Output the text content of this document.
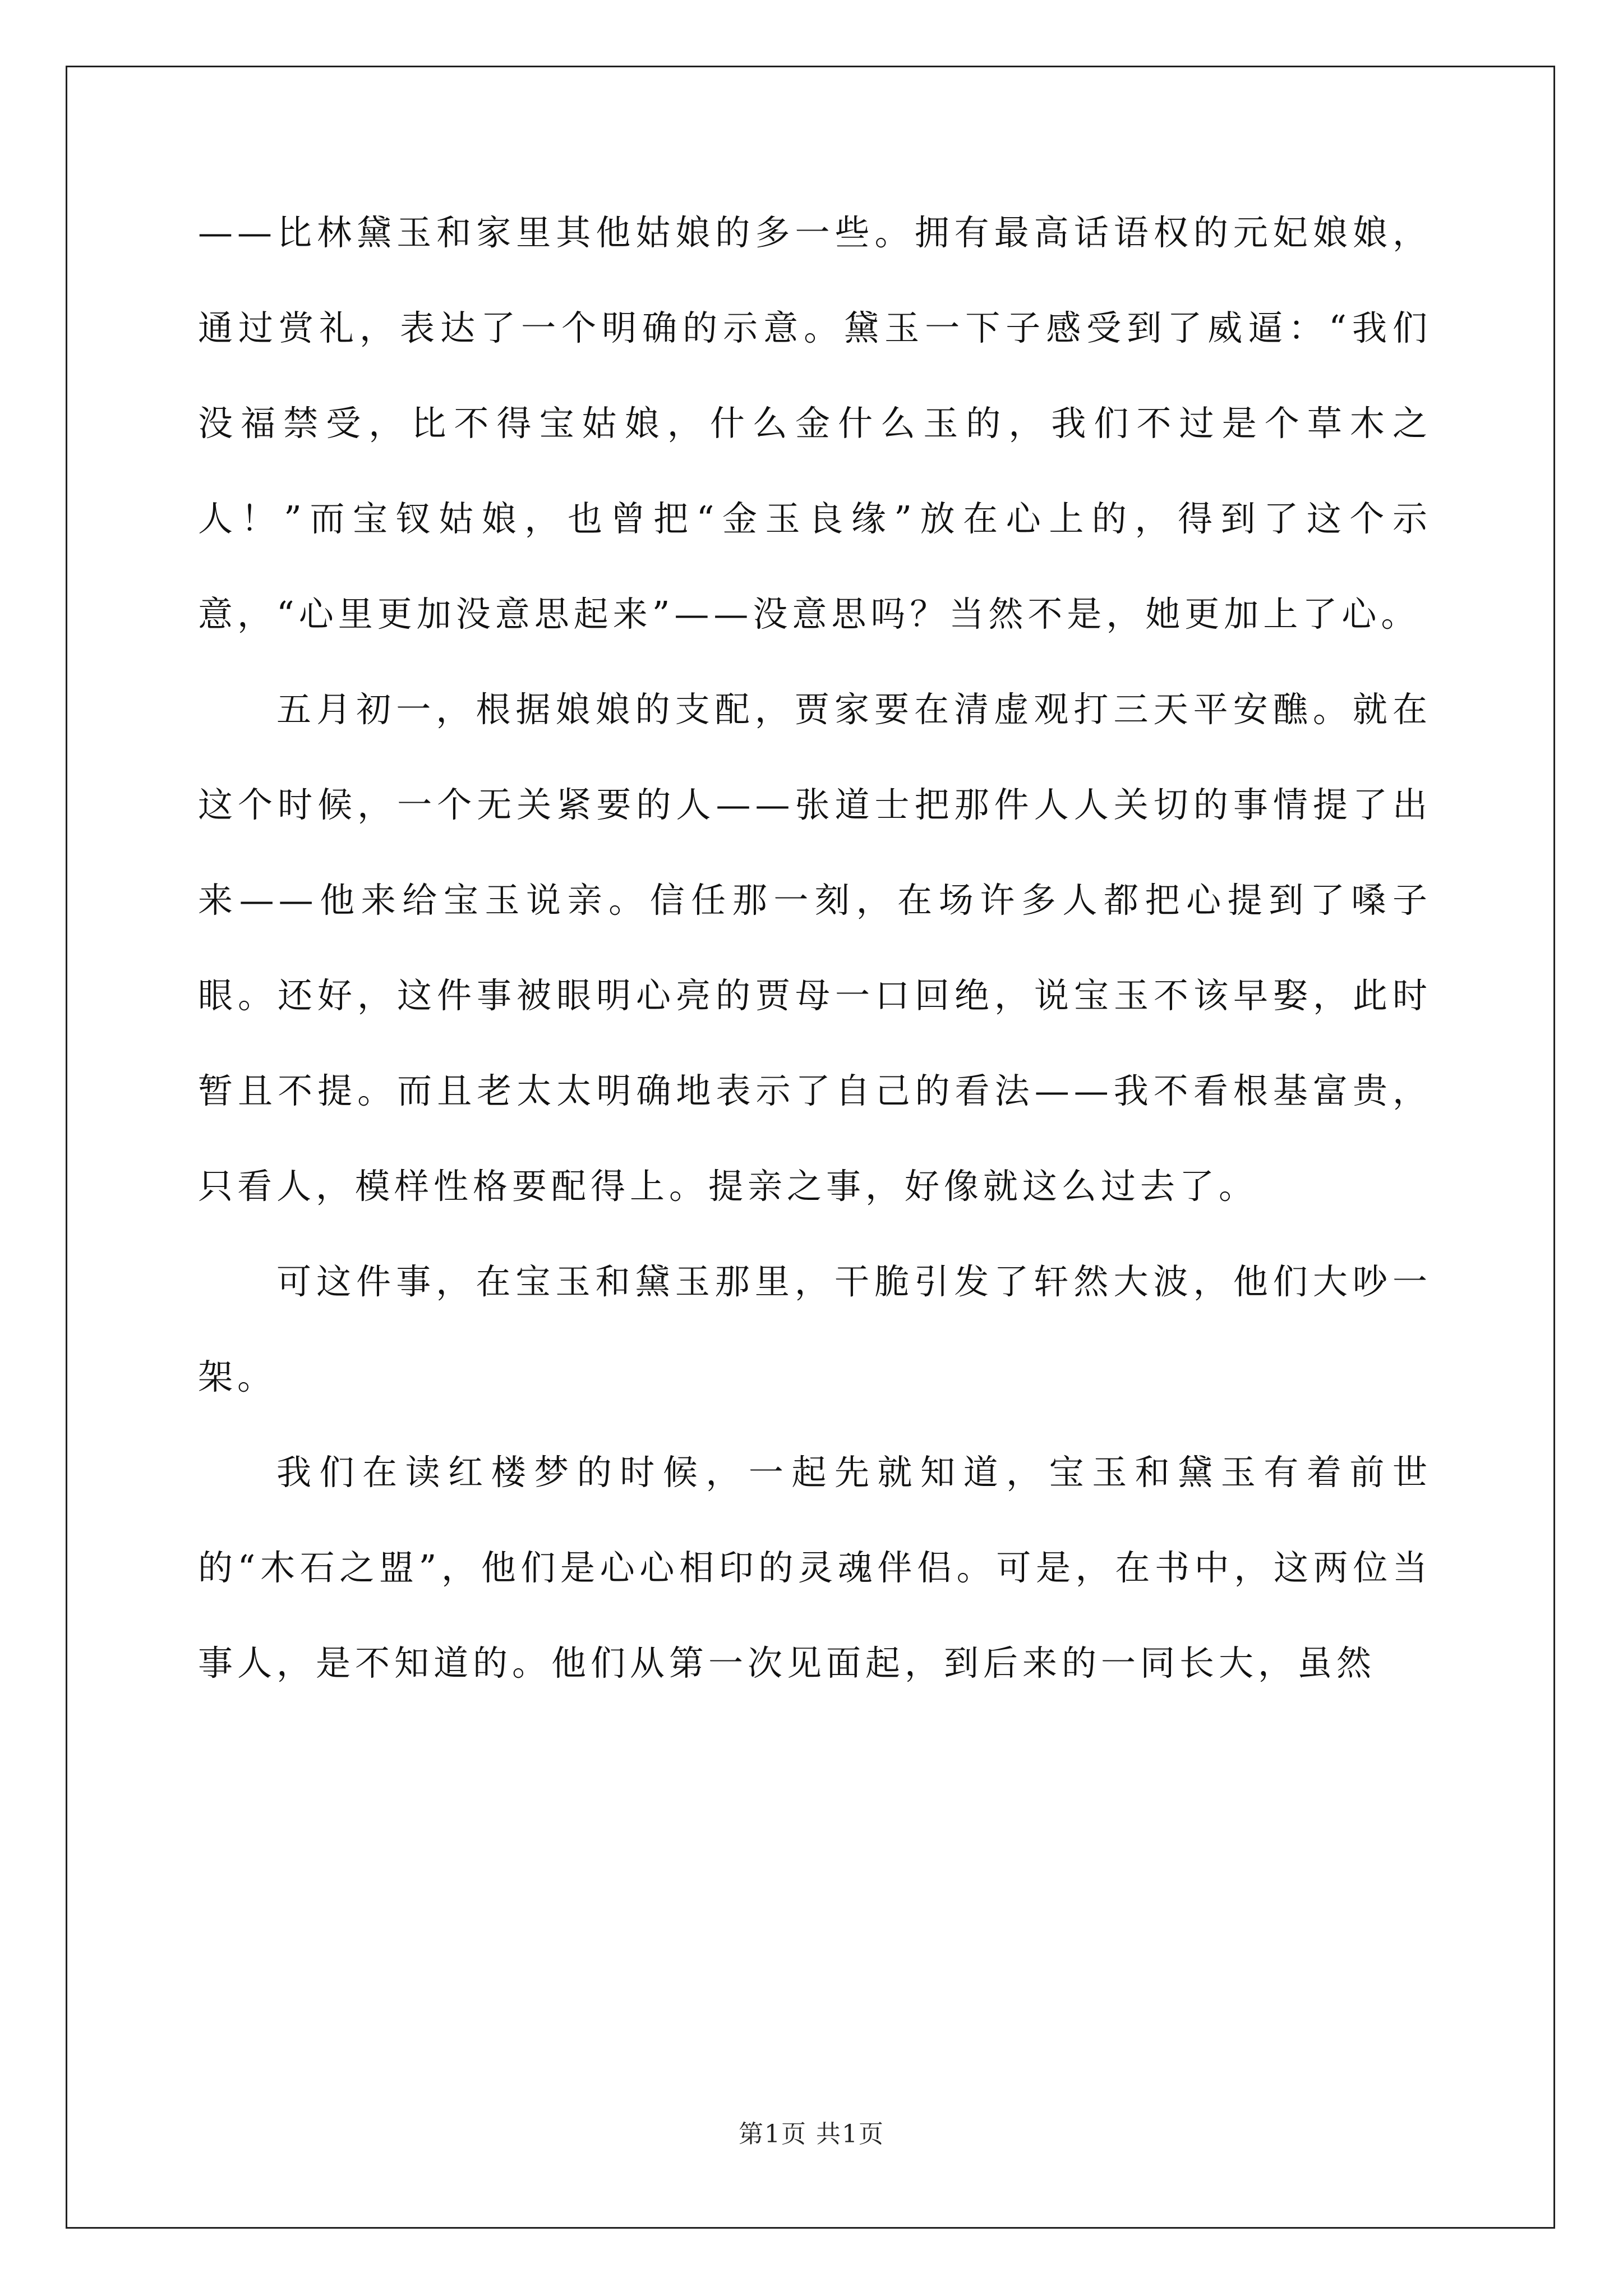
——比林黛玉和家里其他姑娘的多一些。拥有最高话语权的元妃娘娘，通过赏礼，表达了一个明确的示意。黛玉一下子感受到了威逼：“我们没福禁受，比不得宝姑娘，什么金什么玉的，我们不过是个草木之人！”而宝钗姑娘，也曾把“金玉良缘”放在心上的，得到了这个示意，“心里更加没意思起来”——没意思吗？当然不是，她更加上了心。

五月初一，根据娘娘的支配，贾家要在清虚观打三天平安醮。就在这个时候，一个无关紧要的人——张道士把那件人人关切的事情提了出来——他来给宝玉说亲。信任那一刻，在场许多人都把心提到了嗓子眼。还好，这件事被眼明心亮的贾母一口回绝，说宝玉不该早娶，此时暂且不提。而且老太太明确地表示了自己的看法——我不看根基富贵，只看人，模样性格要配得上。提亲之事，好像就这么过去了。

可这件事，在宝玉和黛玉那里，干脆引发了轩然大波，他们大吵一架。

我们在读红楼梦的时候，一起先就知道，宝玉和黛玉有着前世的“木石之盟”，他们是心心相印的灵魂伴侣。可是，在书中，这两位当事人，是不知道的。他们从第一次见面起，到后来的一同长大，虽然

第1页 共1页
